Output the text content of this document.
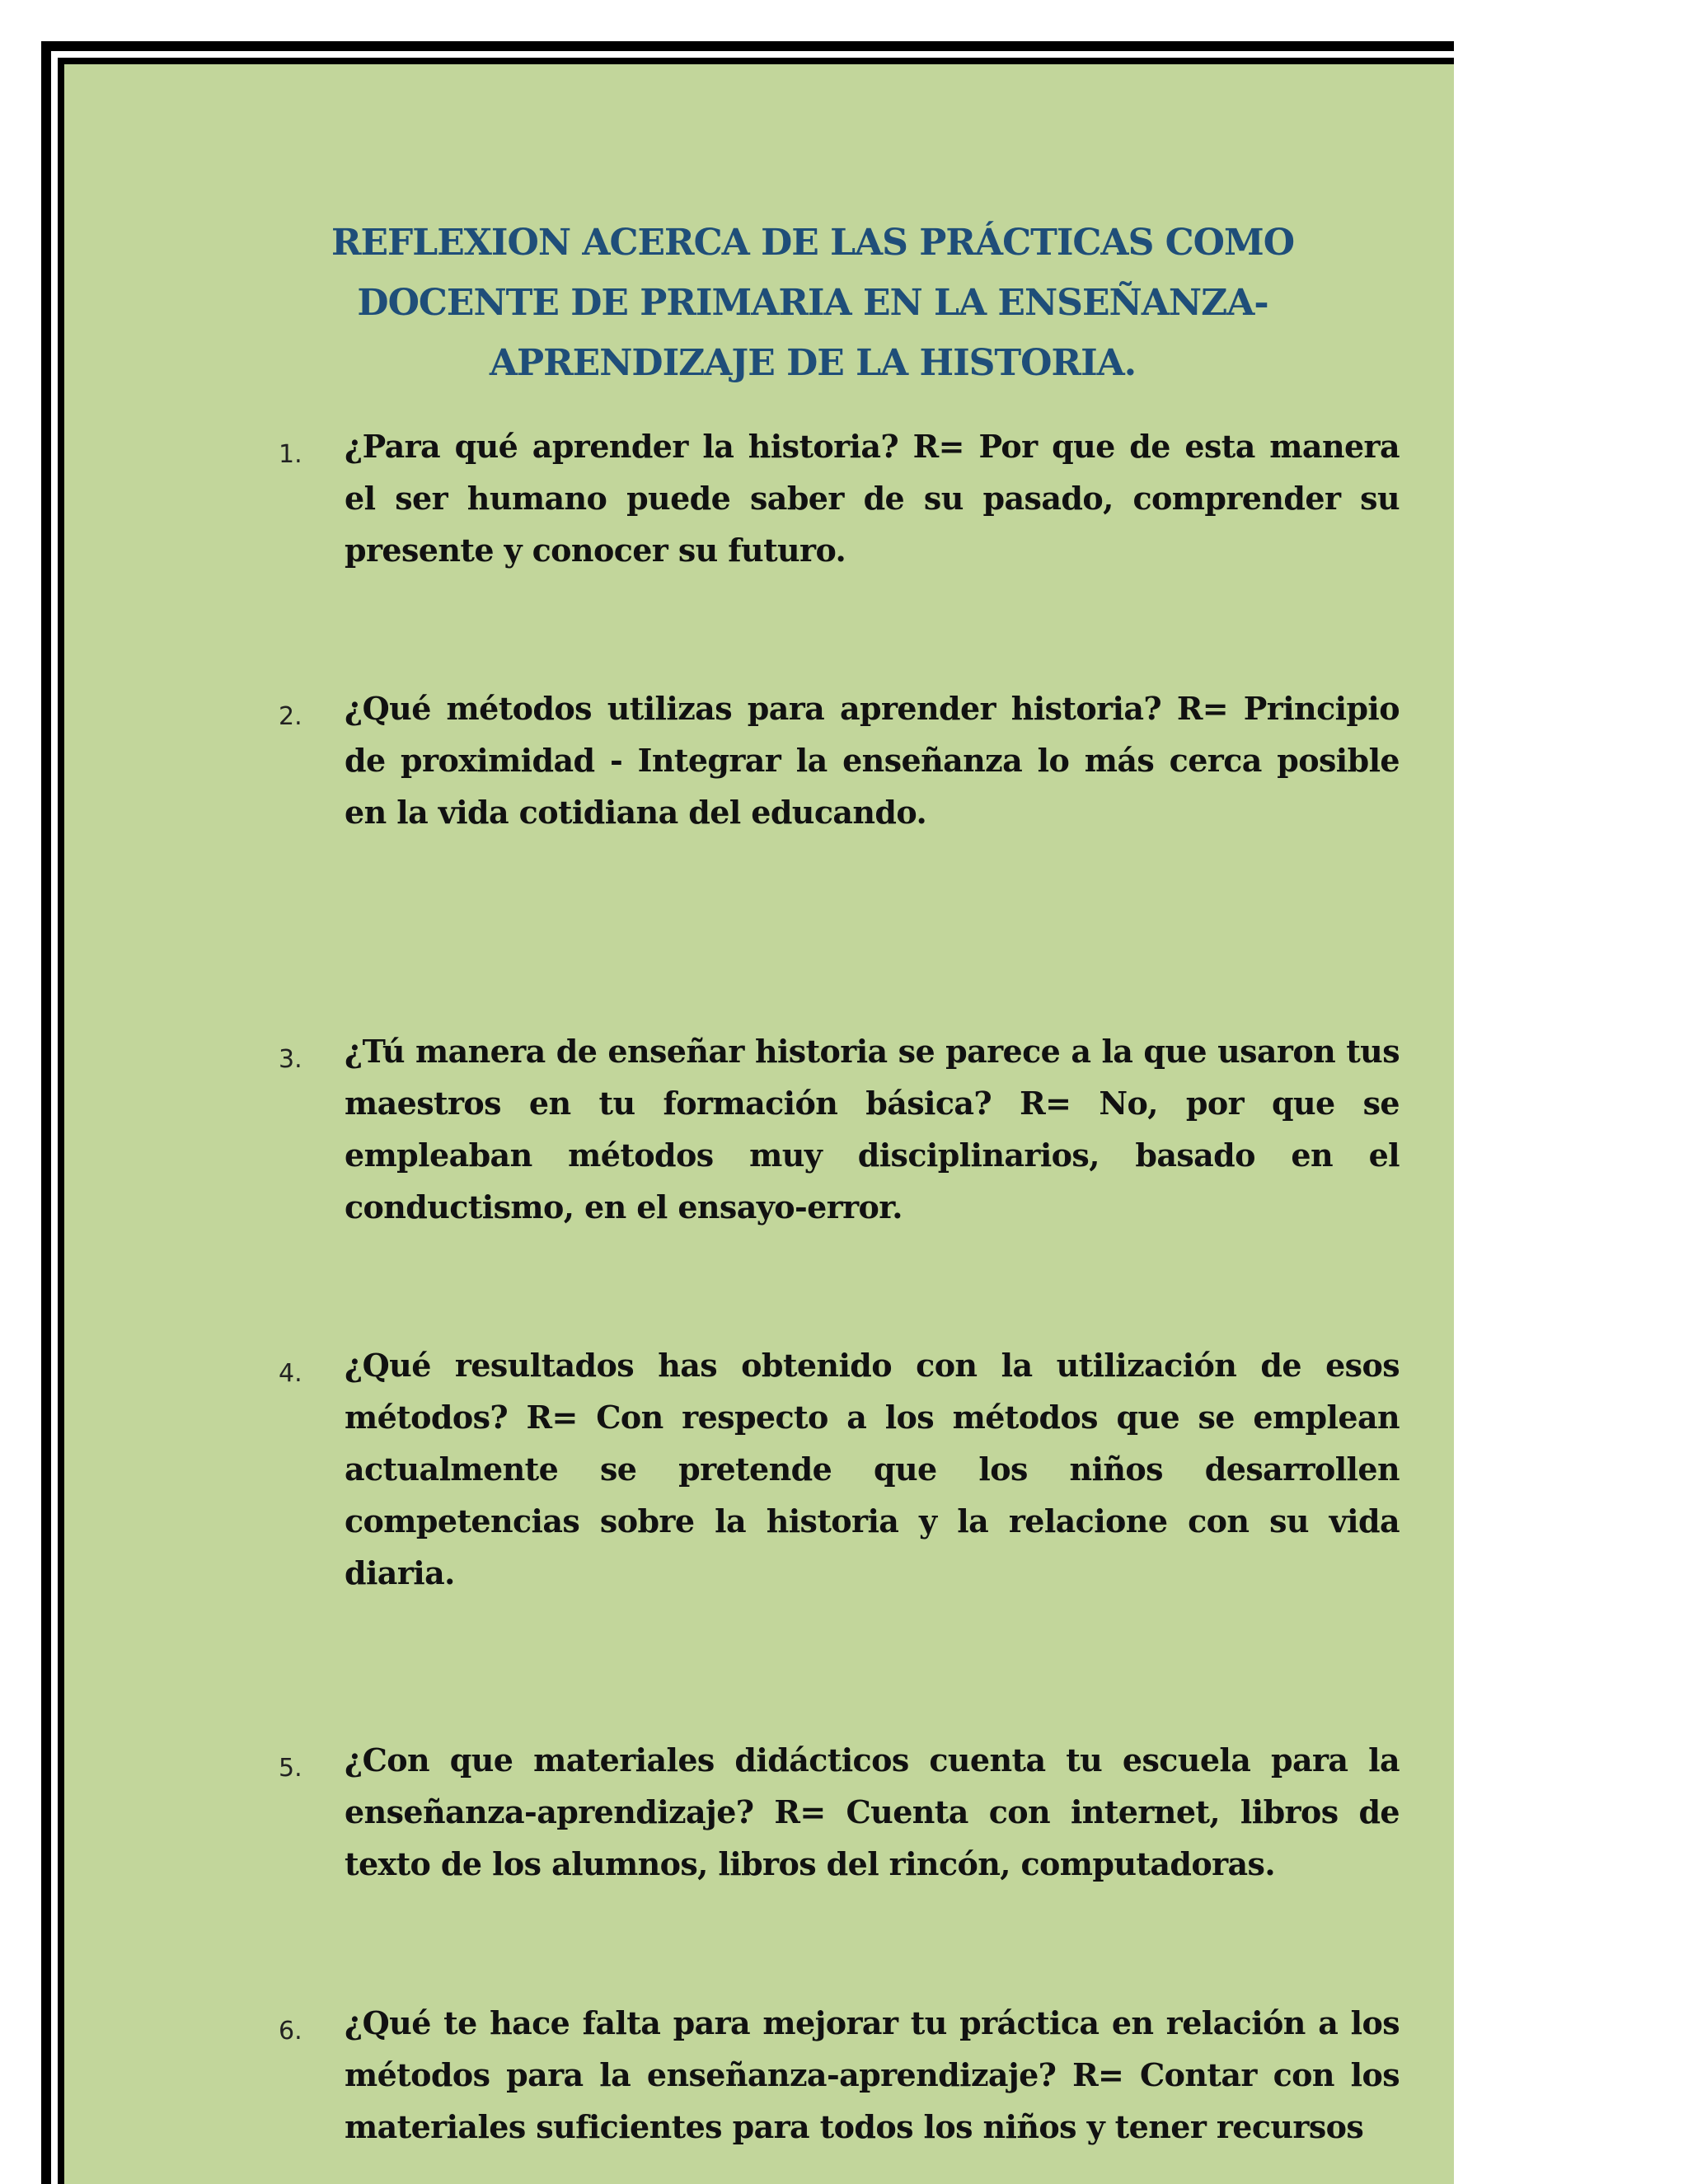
REFLEXION ACERCA DE LAS PRÁCTICAS COMO DOCENTE DE PRIMARIA EN LA ENSEÑANZA-APRENDIZAJE DE LA HISTORIA.
1.	¿Para qué aprender la historia? R= Por que de esta manera el ser humano puede saber de su pasado, comprender su presente y conocer su futuro.
2.	¿Qué métodos utilizas para aprender historia? R= Principio de proximidad - Integrar la enseñanza lo más cerca posible en la vida cotidiana del educando.
3.	¿Tú manera de enseñar historia se parece a la que usaron tus maestros en tu formación básica? R= No, por que se empleaban métodos muy disciplinarios, basado en el conductismo, en el ensayo-error.
4.	¿Qué resultados has obtenido con la utilización de esos métodos? R= Con respecto a los métodos que se emplean actualmente se pretende que los niños desarrollen competencias sobre la historia y la relacione con su vida diaria.
5.	¿Con que materiales didácticos cuenta tu escuela para la enseñanza-aprendizaje? R= Cuenta con internet, libros de texto de los alumnos, libros del rincón, computadoras.
6.	¿Qué te hace falta para mejorar tu práctica en relación a los métodos para la enseñanza-aprendizaje? R= Contar con los materiales suficientes para todos los niños y tener recursos
